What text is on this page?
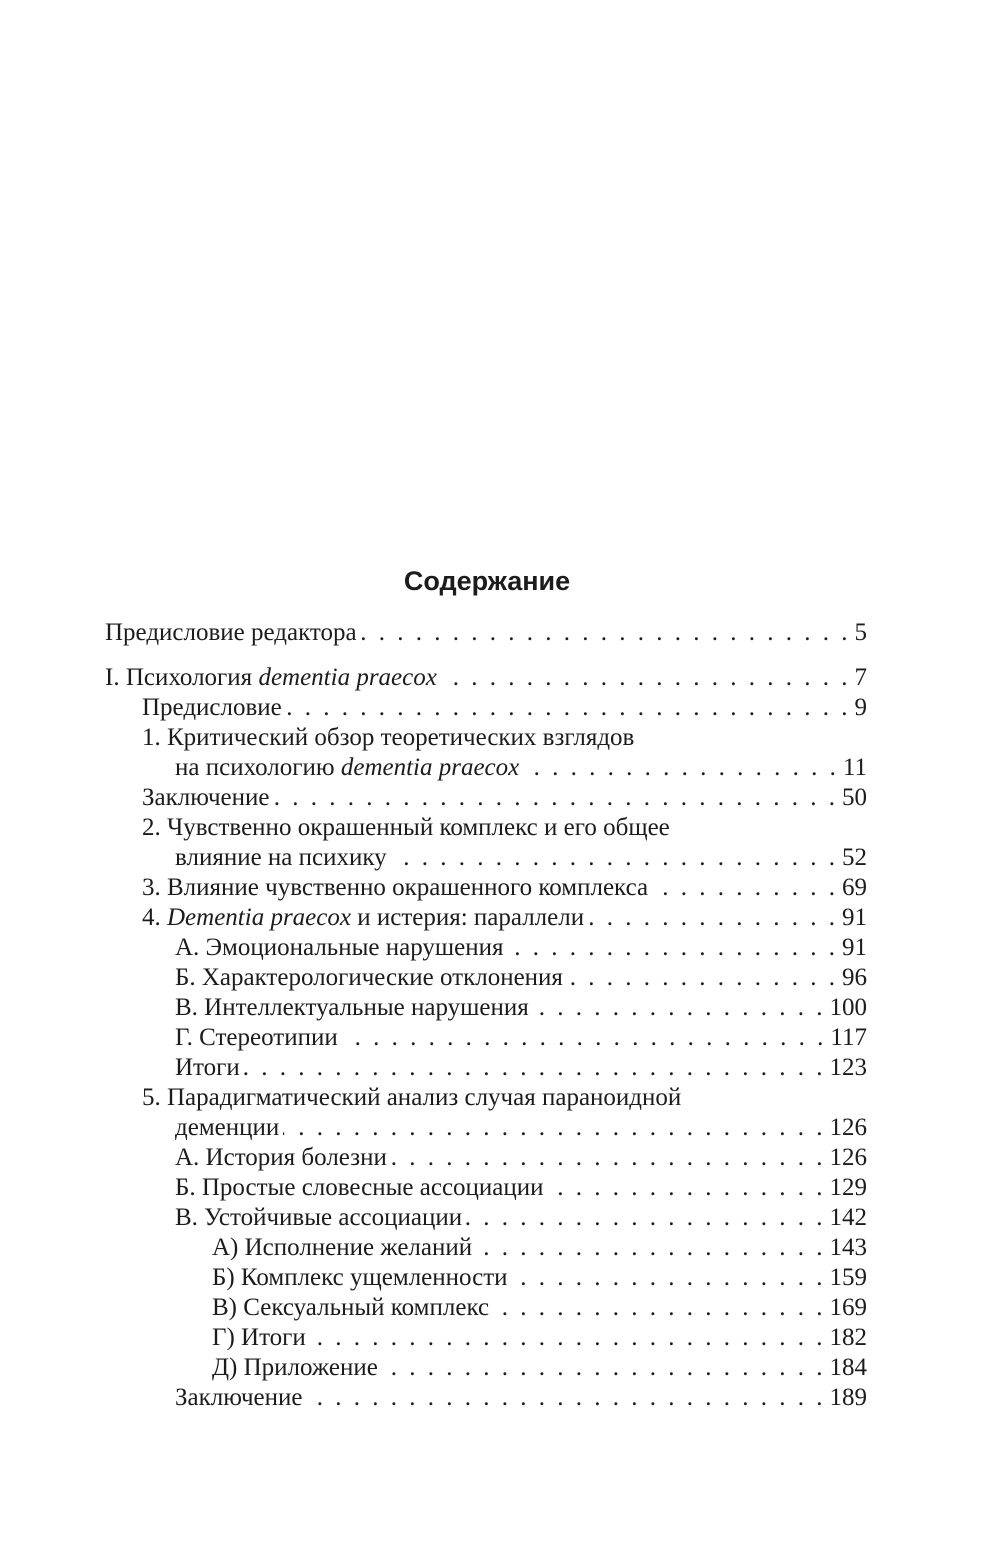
Содержание
Предисловие редактора . . .	5
I. Психология dementia praecox . . .	7
Предисловие . . .	9
1. Критический обзор теоретических взглядов
на психологию dementia praecox . . .	11
Заключение . . .	50
2. Чувственно окрашенный комплекс и его общее
влияние на психику . . .	52
3. Влияние чувственно окрашенного комплекса . . .	69
4. Dementia praecox и истерия: параллели . . .	91
А. Эмоциональные нарушения . . .	91
Б. Характерологические отклонения . . .	96
В. Интеллектуальные нарушения . . .	100
Г. Стереотипии . . .	117
Итоги . . .	123
5. Парадигматический анализ случая параноидной
деменции . . .	126
А. История болезни . . .	126
Б. Простые словесные ассоциации . . .	129
В. Устойчивые ассоциации . . .	142
А) Исполнение желаний . . .	143
Б) Комплекс ущемленности . . .	159
В) Сексуальный комплекс . . .	169
Г) Итоги . . .	182
Д) Приложение . . .	184
Заключение . . .	189
